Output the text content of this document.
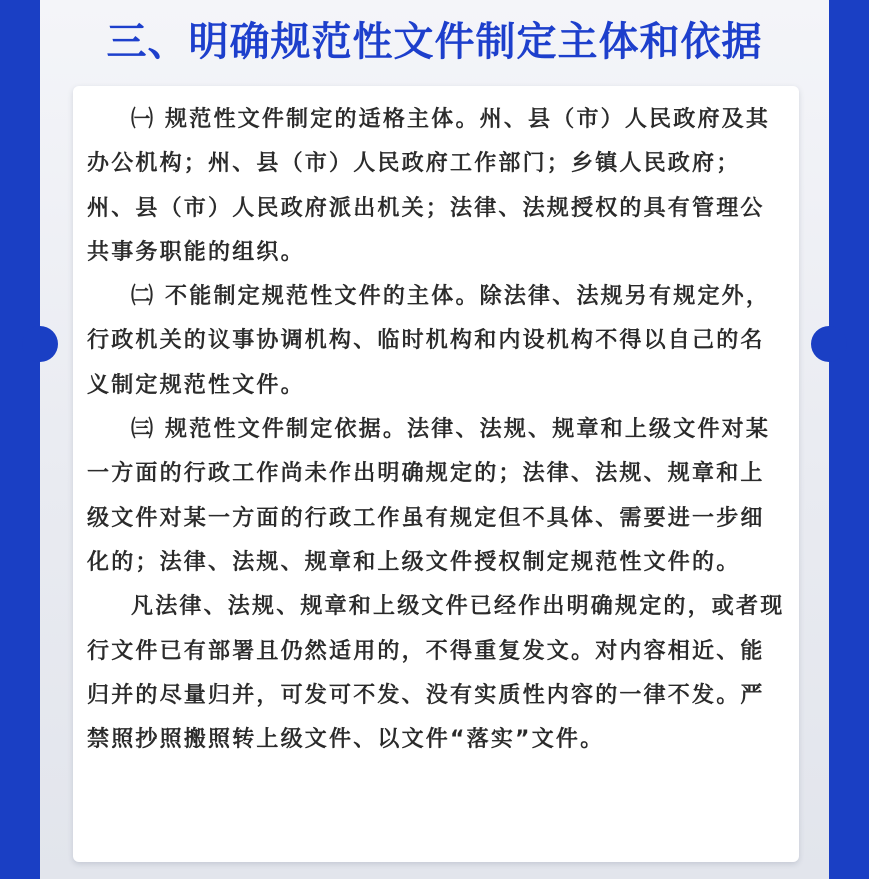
三、明确规范性文件制定主体和依据

㈠ 规范性文件制定的适格主体。州、县（市）人民政府及其办公机构；州、县（市）人民政府工作部门；乡镇人民政府；州、县（市）人民政府派出机关；法律、法规授权的具有管理公共事务职能的组织。

㈡ 不能制定规范性文件的主体。除法律、法规另有规定外，行政机关的议事协调机构、临时机构和内设机构不得以自己的名义制定规范性文件。

㈢ 规范性文件制定依据。法律、法规、规章和上级文件对某一方面的行政工作尚未作出明确规定的；法律、法规、规章和上级文件对某一方面的行政工作虽有规定但不具体、需要进一步细化的；法律、法规、规章和上级文件授权制定规范性文件的。

凡法律、法规、规章和上级文件已经作出明确规定的，或者现行文件已有部署且仍然适用的，不得重复发文。对内容相近、能归并的尽量归并，可发可不发、没有实质性内容的一律不发。严禁照抄照搬照转上级文件、以文件“落实”文件。
